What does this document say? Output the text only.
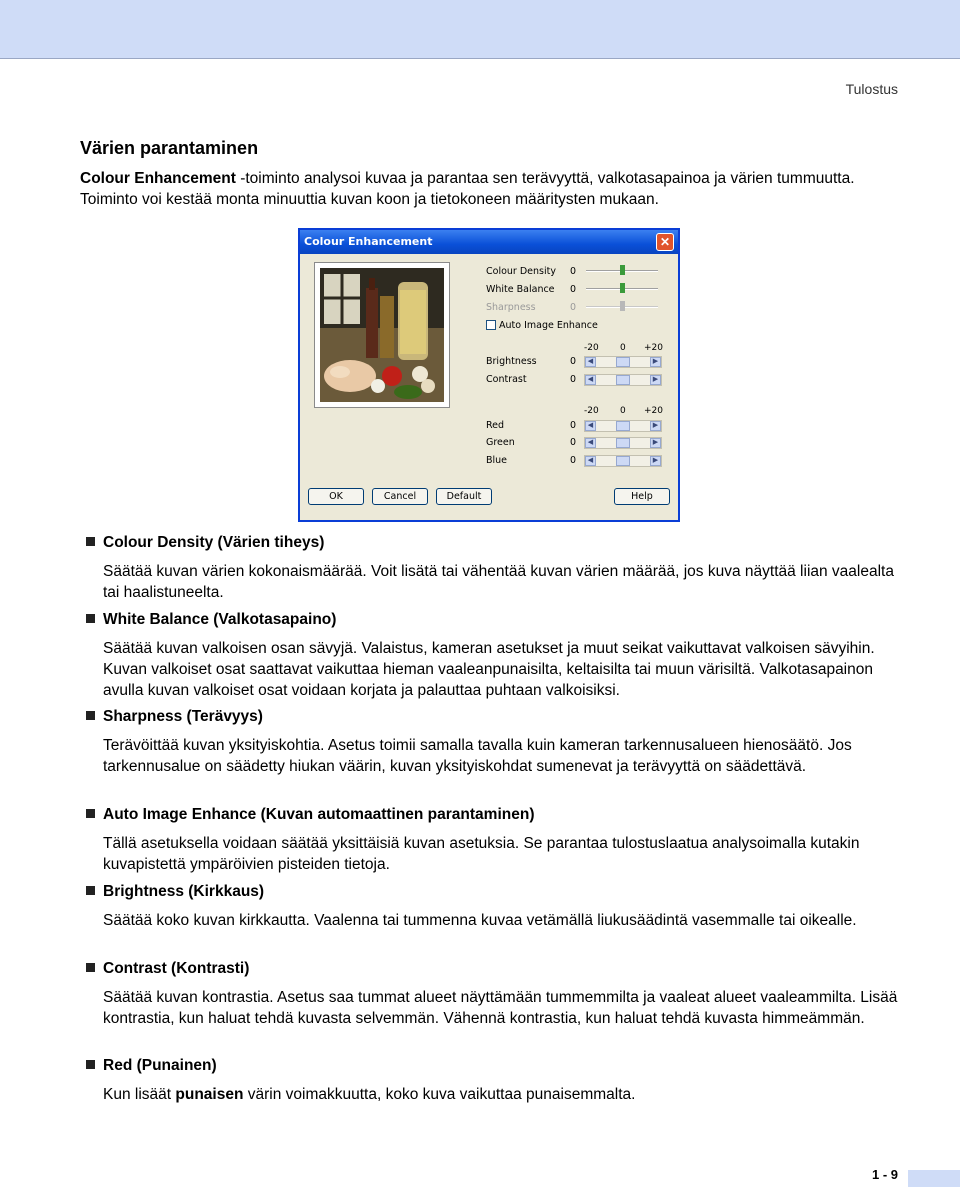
Tulostus
Värien parantaminen
Colour Enhancement -toiminto analysoi kuvaa ja parantaa sen terävyyttä, valkotasapainoa ja värien tummuutta. Toiminto voi kestää monta minuuttia kuvan koon ja tietokoneen määritysten mukaan.
Colour Enhancement	✕
Colour Density 0
White Balance 0
Sharpness	0
Auto Image Enhance
-20 0 +20
Brightness	0	◀	▶
Contrast	0	◀	▶
-20 0 +20
Red	0	◀	▶
Green	0	◀	▶
Blue	0	◀	▶
OK	Cancel	Default	Help
Colour Density (Värien tiheys)
Säätää kuvan värien kokonaismäärää. Voit lisätä tai vähentää kuvan värien määrää, jos kuva näyttää liian vaalealta tai haalistuneelta.
White Balance (Valkotasapaino)
Säätää kuvan valkoisen osan sävyjä. Valaistus, kameran asetukset ja muut seikat vaikuttavat valkoisen sävyihin. Kuvan valkoiset osat saattavat vaikuttaa hieman vaaleanpunaisilta, keltaisilta tai muun värisiltä. Valkotasapainon avulla kuvan valkoiset osat voidaan korjata ja palauttaa puhtaan valkoisiksi.
Sharpness (Terävyys)
Terävöittää kuvan yksityiskohtia. Asetus toimii samalla tavalla kuin kameran tarkennusalueen hienosäätö. Jos tarkennusalue on säädetty hiukan väärin, kuvan yksityiskohdat sumenevat ja terävyyttä on säädettävä.
Auto Image Enhance (Kuvan automaattinen parantaminen)
Tällä asetuksella voidaan säätää yksittäisiä kuvan asetuksia. Se parantaa tulostuslaatua analysoimalla kutakin kuvapistettä ympäröivien pisteiden tietoja.
Brightness (Kirkkaus)
Säätää koko kuvan kirkkautta. Vaalenna tai tummenna kuvaa vetämällä liukusäädintä vasemmalle tai oikealle.
Contrast (Kontrasti)
Säätää kuvan kontrastia. Asetus saa tummat alueet näyttämään tummemmilta ja vaaleat alueet vaaleammilta. Lisää kontrastia, kun haluat tehdä kuvasta selvemmän. Vähennä kontrastia, kun haluat tehdä kuvasta himmeämmän.
Red (Punainen)
Kun lisäät punaisen värin voimakkuutta, koko kuva vaikuttaa punaisemmalta.
1 - 9
